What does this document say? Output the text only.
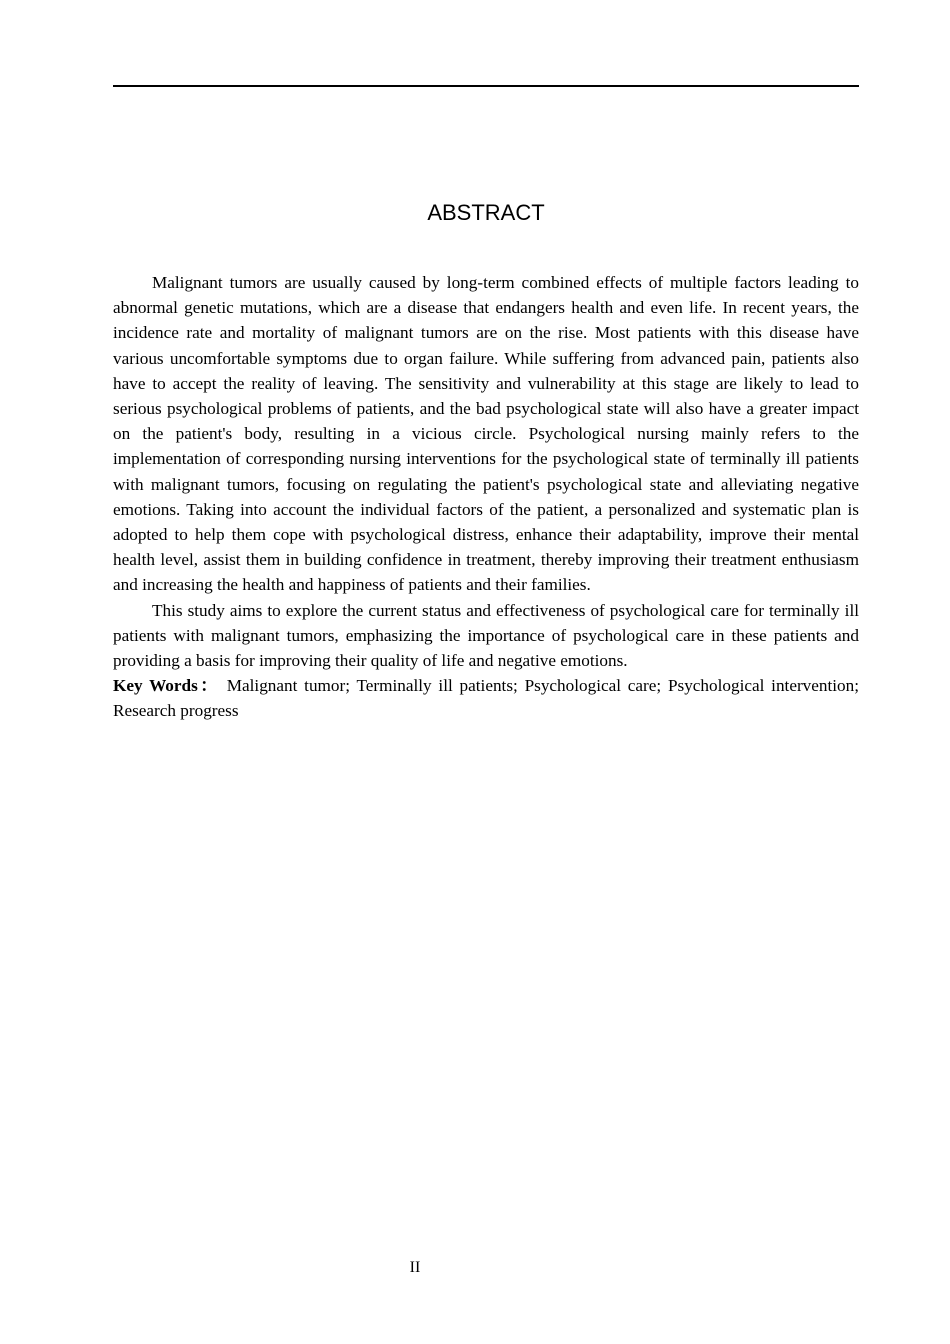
ABSTRACT

Malignant tumors are usually caused by long-term combined effects of multiple factors leading to abnormal genetic mutations, which are a disease that endangers health and even life. In recent years, the incidence rate and mortality of malignant tumors are on the rise. Most patients with this disease have various uncomfortable symptoms due to organ failure. While suffering from advanced pain, patients also have to accept the reality of leaving. The sensitivity and vulnerability at this stage are likely to lead to serious psychological problems of patients, and the bad psychological state will also have a greater impact on the patient's body, resulting in a vicious circle. Psychological nursing mainly refers to the implementation of corresponding nursing interventions for the psychological state of terminally ill patients with malignant tumors, focusing on regulating the patient's psychological state and alleviating negative emotions. Taking into account the individual factors of the patient, a personalized and systematic plan is adopted to help them cope with psychological distress, enhance their adaptability, improve their mental health level, assist them in building confidence in treatment, thereby improving their treatment enthusiasm and increasing the health and happiness of patients and their families.

This study aims to explore the current status and effectiveness of psychological care for terminally ill patients with malignant tumors, emphasizing the importance of psychological care in these patients and providing a basis for improving their quality of life and negative emotions.

Key Words： Malignant tumor; Terminally ill patients; Psychological care; Psychological intervention; Research progress

II
